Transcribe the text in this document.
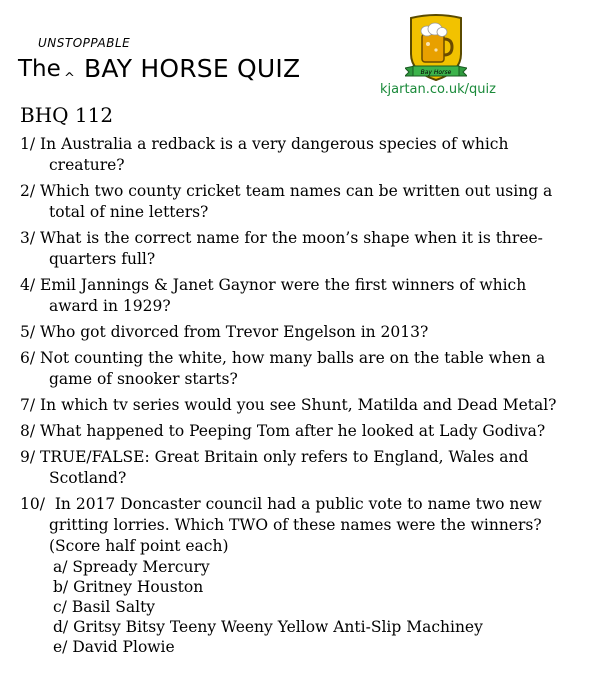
UNSTOPPABLE
^
The BAY HORSE QUIZ	Bay Horse
kjartan.co.uk/quiz
BHQ 112
1/ In Australia a redback is a very dangerous species of which creature?
2/ Which two county cricket team names can be written out using a total of nine letters?
3/ What is the correct name for the moon’s shape when it is three-quarters full?
4/ Emil Jannings & Janet Gaynor were the first winners of which award in 1929?
5/ Who got divorced from Trevor Engelson in 2013?
6/ Not counting the white, how many balls are on the table when a game of snooker starts?
7/ In which tv series would you see Shunt, Matilda and Dead Metal?
8/ What happened to Peeping Tom after he looked at Lady Godiva?
9/ TRUE/FALSE: Great Britain only refers to England, Wales and Scotland?
10/ In 2017 Doncaster council had a public vote to name two new gritting lorries. Which TWO of these names were the winners? (Score half point each)
a/ Spready Mercury
b/ Gritney Houston
c/ Basil Salty
d/ Gritsy Bitsy Teeny Weeny Yellow Anti-Slip Machiney
e/ David Plowie
